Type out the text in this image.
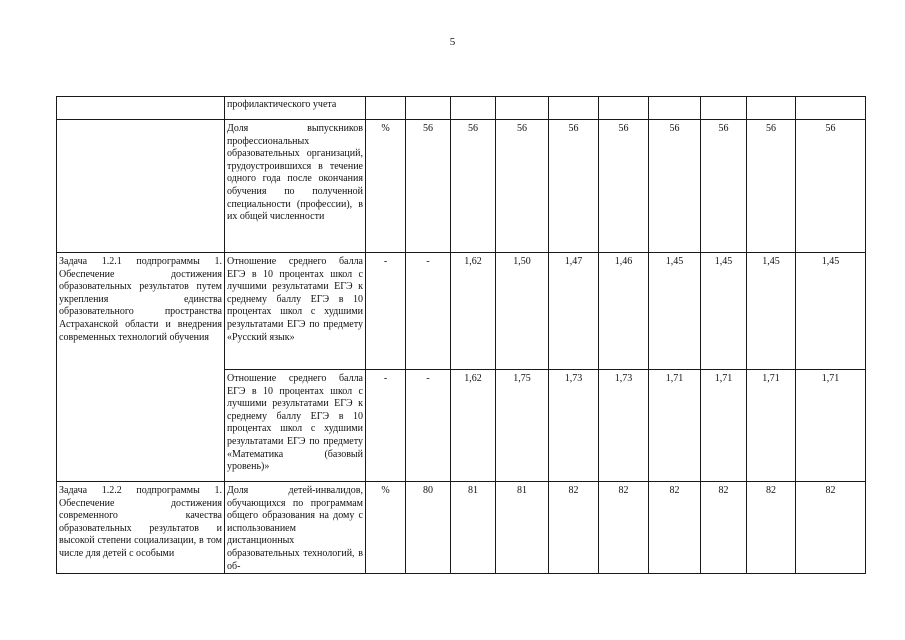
5
	профилактического учета										
	Доля выпускников профессиональных образовательных организаций, трудоустроившихся в течение одного года после окончания обучения по полученной специальности (профессии), в их общей численности	%	56	56	56	56	56	56	56	56	56
Задача 1.2.1 подпрограммы 1. Обеспечение достижения образовательных результатов путем укрепления единства образовательного пространства Астраханской области и внедрения современных технологий обучения	Отношение среднего балла ЕГЭ в 10 процентах школ с лучшими результатами ЕГЭ к среднему баллу ЕГЭ в 10 процентах школ с худшими результатами ЕГЭ по предмету «Русский язык»	-	-	1,62	1,50	1,47	1,46	1,45	1,45	1,45	1,45
	Отношение среднего балла ЕГЭ в 10 процентах школ с лучшими результатами ЕГЭ к среднему баллу ЕГЭ в 10 процентах школ с худшими результатами ЕГЭ по предмету «Математика (базовый уровень)»	-	-	1,62	1,75	1,73	1,73	1,71	1,71	1,71	1,71
Задача 1.2.2 подпрограммы 1. Обеспечение достижения современного качества образовательных результатов и высокой степени социализации, в том числе для детей с особыми	Доля детей-инвалидов, обучающихся по программам общего образования на дому с использованием дистанционных образовательных технологий, в об-	%	80	81	81	82	82	82	82	82	82
